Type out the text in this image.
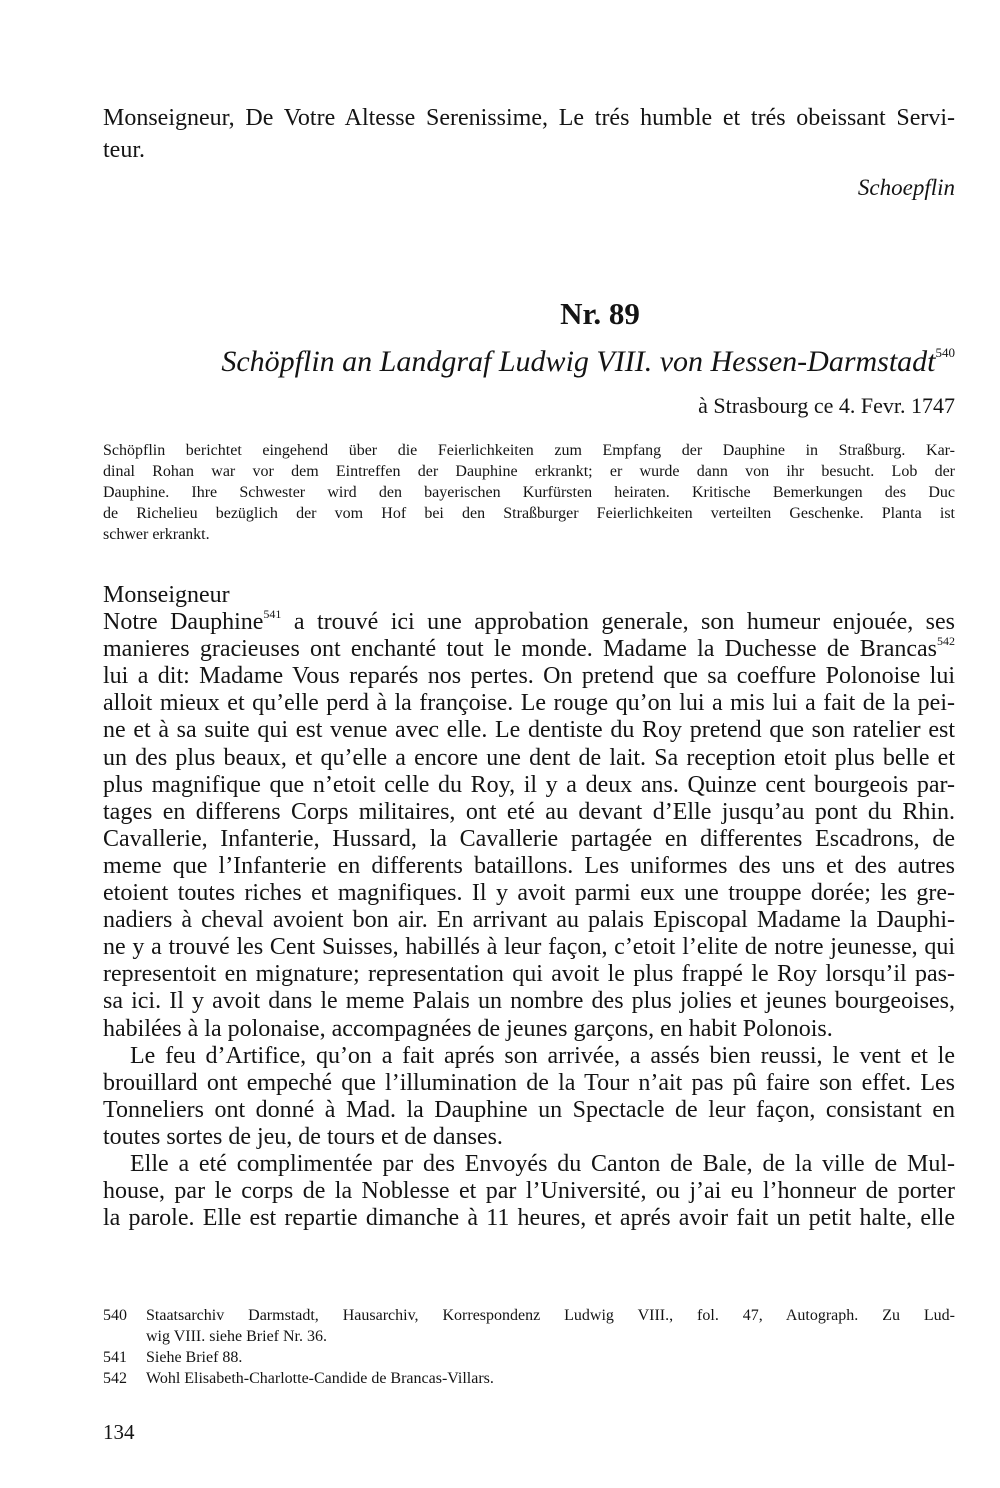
Monseigneur, De Votre Altesse Serenissime, Le trés humble et trés obeissant Servi-
teur.
Schoepflin
Nr. 89
Schöpflin an Landgraf Ludwig VIII. von Hessen-Darmstadt$^{540}$
à Strasbourg ce 4. Fevr. 1747
Schöpflin berichtet eingehend über die Feierlichkeiten zum Empfang der Dauphine in Straßburg. Kar-
dinal Rohan war vor dem Eintreffen der Dauphine erkrankt; er wurde dann von ihr besucht. Lob der
Dauphine. Ihre Schwester wird den bayerischen Kurfürsten heiraten. Kritische Bemerkungen des Duc
de Richelieu bezüglich der vom Hof bei den Straßburger Feierlichkeiten verteilten Geschenke. Planta ist
schwer erkrankt.
Monseigneur
Notre Dauphine$^{541}$ a trouvé ici une approbation generale, son humeur enjouée, ses
manieres gracieuses ont enchanté tout le monde. Madame la Duchesse de Brancas$^{542}$
lui a dit: Madame Vous reparés nos pertes. On pretend que sa coeffure Polonoise lui
alloit mieux et qu’elle perd à la françoise. Le rouge qu’on lui a mis lui a fait de la pei-
ne et à sa suite qui est venue avec elle. Le dentiste du Roy pretend que son ratelier est
un des plus beaux, et qu’elle a encore une dent de lait. Sa reception etoit plus belle et
plus magnifique que n’etoit celle du Roy, il y a deux ans. Quinze cent bourgeois par-
tages en differens Corps militaires, ont eté au devant d’Elle jusqu’au pont du Rhin.
Cavallerie, Infanterie, Hussard, la Cavallerie partagée en differentes Escadrons, de
meme que l’Infanterie en differents bataillons. Les uniformes des uns et des autres
etoient toutes riches et magnifiques. Il y avoit parmi eux une trouppe dorée; les gre-
nadiers à cheval avoient bon air. En arrivant au palais Episcopal Madame la Dauphi-
ne y a trouvé les Cent Suisses, habillés à leur façon, c’etoit l’elite de notre jeunesse, qui
representoit en mignature; representation qui avoit le plus frappé le Roy lorsqu’il pas-
sa ici. Il y avoit dans le meme Palais un nombre des plus jolies et jeunes bourgeoises,
habilées à la polonaise, accompagnées de jeunes garçons, en habit Polonois.
Le feu d’Artifice, qu’on a fait aprés son arrivée, a assés bien reussi, le vent et le
brouillard ont empeché que l’illumination de la Tour n’ait pas pû faire son effet. Les
Tonneliers ont donné à Mad. la Dauphine un Spectacle de leur façon, consistant en
toutes sortes de jeu, de tours et de danses.
Elle a eté complimentée par des Envoyés du Canton de Bale, de la ville de Mul-
house, par le corps de la Noblesse et par l’Université, ou j’ai eu l’honneur de porter
la parole. Elle est repartie dimanche à 11 heures, et aprés avoir fait un petit halte, elle
540 Staatsarchiv Darmstadt, Hausarchiv, Korrespondenz Ludwig VIII., fol. 47, Autograph. Zu Lud-
wig VIII. siehe Brief Nr. 36.
541 Siehe Brief 88.
542 Wohl Elisabeth-Charlotte-Candide de Brancas-Villars.
134
